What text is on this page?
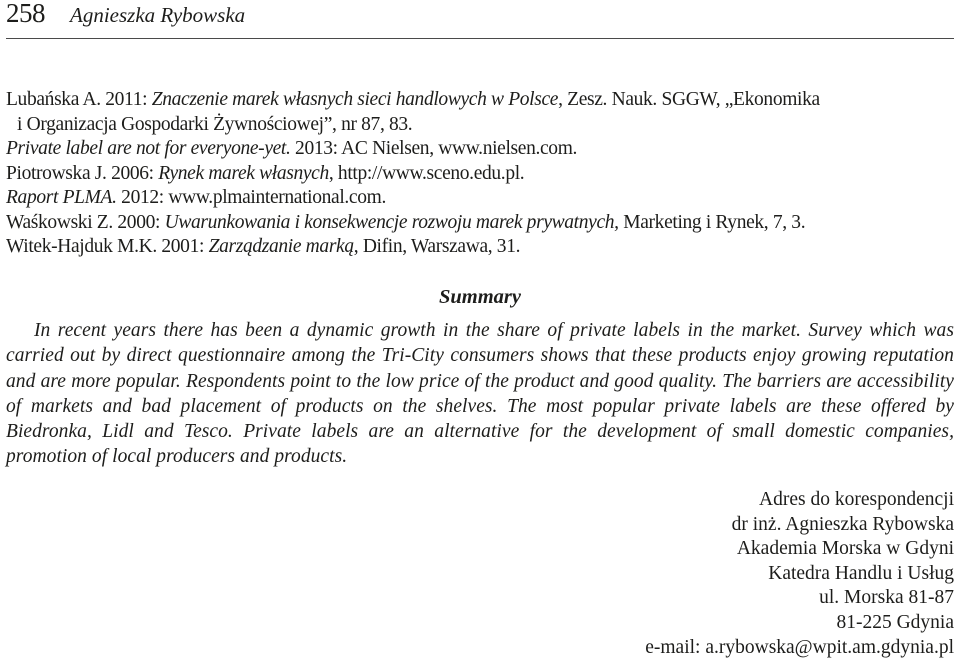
258 Agnieszka Rybowska

Lubańska A. 2011: Znaczenie marek własnych sieci handlowych w Polsce, Zesz. Nauk. SGGW, „Ekonomika
i Organizacja Gospodarki Żywnościowej”, nr 87, 83.

Private label are not for everyone-yet. 2013: AC Nielsen, www.nielsen.com.

Piotrowska J. 2006: Rynek marek własnych, http://www.sceno.edu.pl.

Raport PLMA. 2012: www.plmainternational.com.

Waśkowski Z. 2000: Uwarunkowania i konsekwencje rozwoju marek prywatnych, Marketing i Rynek, 7, 3.

Witek-Hajduk M.K. 2001: Zarządzanie marką, Difin, Warszawa, 31.

Summary

In recent years there has been a dynamic growth in the share of private labels in the market. Survey which was carried out by direct questionnaire among the Tri-City consumers shows that these products enjoy growing reputation and are more popular. Respondents point to the low price of the product and good quality. The barriers are accessibility of markets and bad placement of products on the shelves. The most popular private labels are these offered by Biedronka, Lidl and Tesco. Private labels are an alternative for the development of small domestic companies, promotion of local producers and products.

Adres do korespondencji
dr inż. Agnieszka Rybowska
Akademia Morska w Gdyni
Katedra Handlu i Usług
ul. Morska 81-87
81-225 Gdynia
e-mail: a.rybowska@wpit.am.gdynia.pl
